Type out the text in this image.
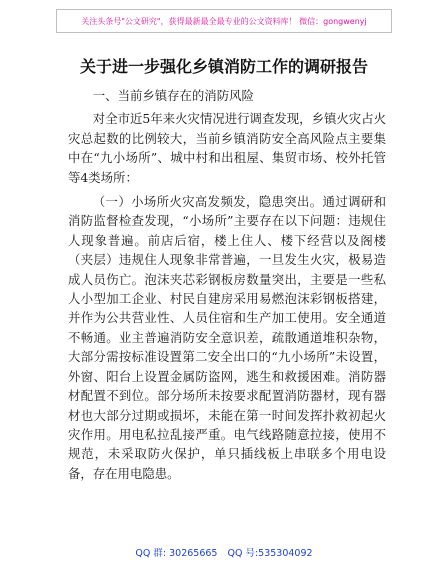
关注头条号"公文研究"，获得最新最全最专业的公文资料库！ 微信：gongwenyj
关于进一步强化乡镇消防工作的调研报告

一、当前乡镇存在的消防风险

对全市近5年来火灾情况进行调查发现，乡镇火灾占火灾总起数的比例较大，当前乡镇消防安全高风险点主要集中在“九小场所”、城中村和出租屋、集贸市场、校外托管等4类场所：

（一）小场所火灾高发频发，隐患突出。通过调研和消防监督检查发现，“小场所”主要存在以下问题：违规住人现象普遍。前店后宿，楼上住人、楼下经营以及阁楼（夹层）违规住人现象非常普遍，一旦发生火灾，极易造成人员伤亡。泡沫夹芯彩钢板房数量突出，主要是一些私人小型加工企业、村民自建房采用易燃泡沫彩钢板搭建，并作为公共营业性、人员住宿和生产加工使用。安全通道不畅通。业主普遍消防安全意识差，疏散通道堆积杂物，大部分需按标准设置第二安全出口的“九小场所”未设置，外窗、阳台上设置金属防盗网，逃生和救援困难。消防器材配置不到位。部分场所未按要求配置消防器材，现有器材也大部分过期或损坏，未能在第一时间发挥扑救初起火灾作用。用电私拉乱接严重。电气线路随意拉接，使用不规范，未采取防火保护，单只插线板上串联多个用电设备，存在用电隐患。

QQ 群: 30265665 QQ 号:535304092
